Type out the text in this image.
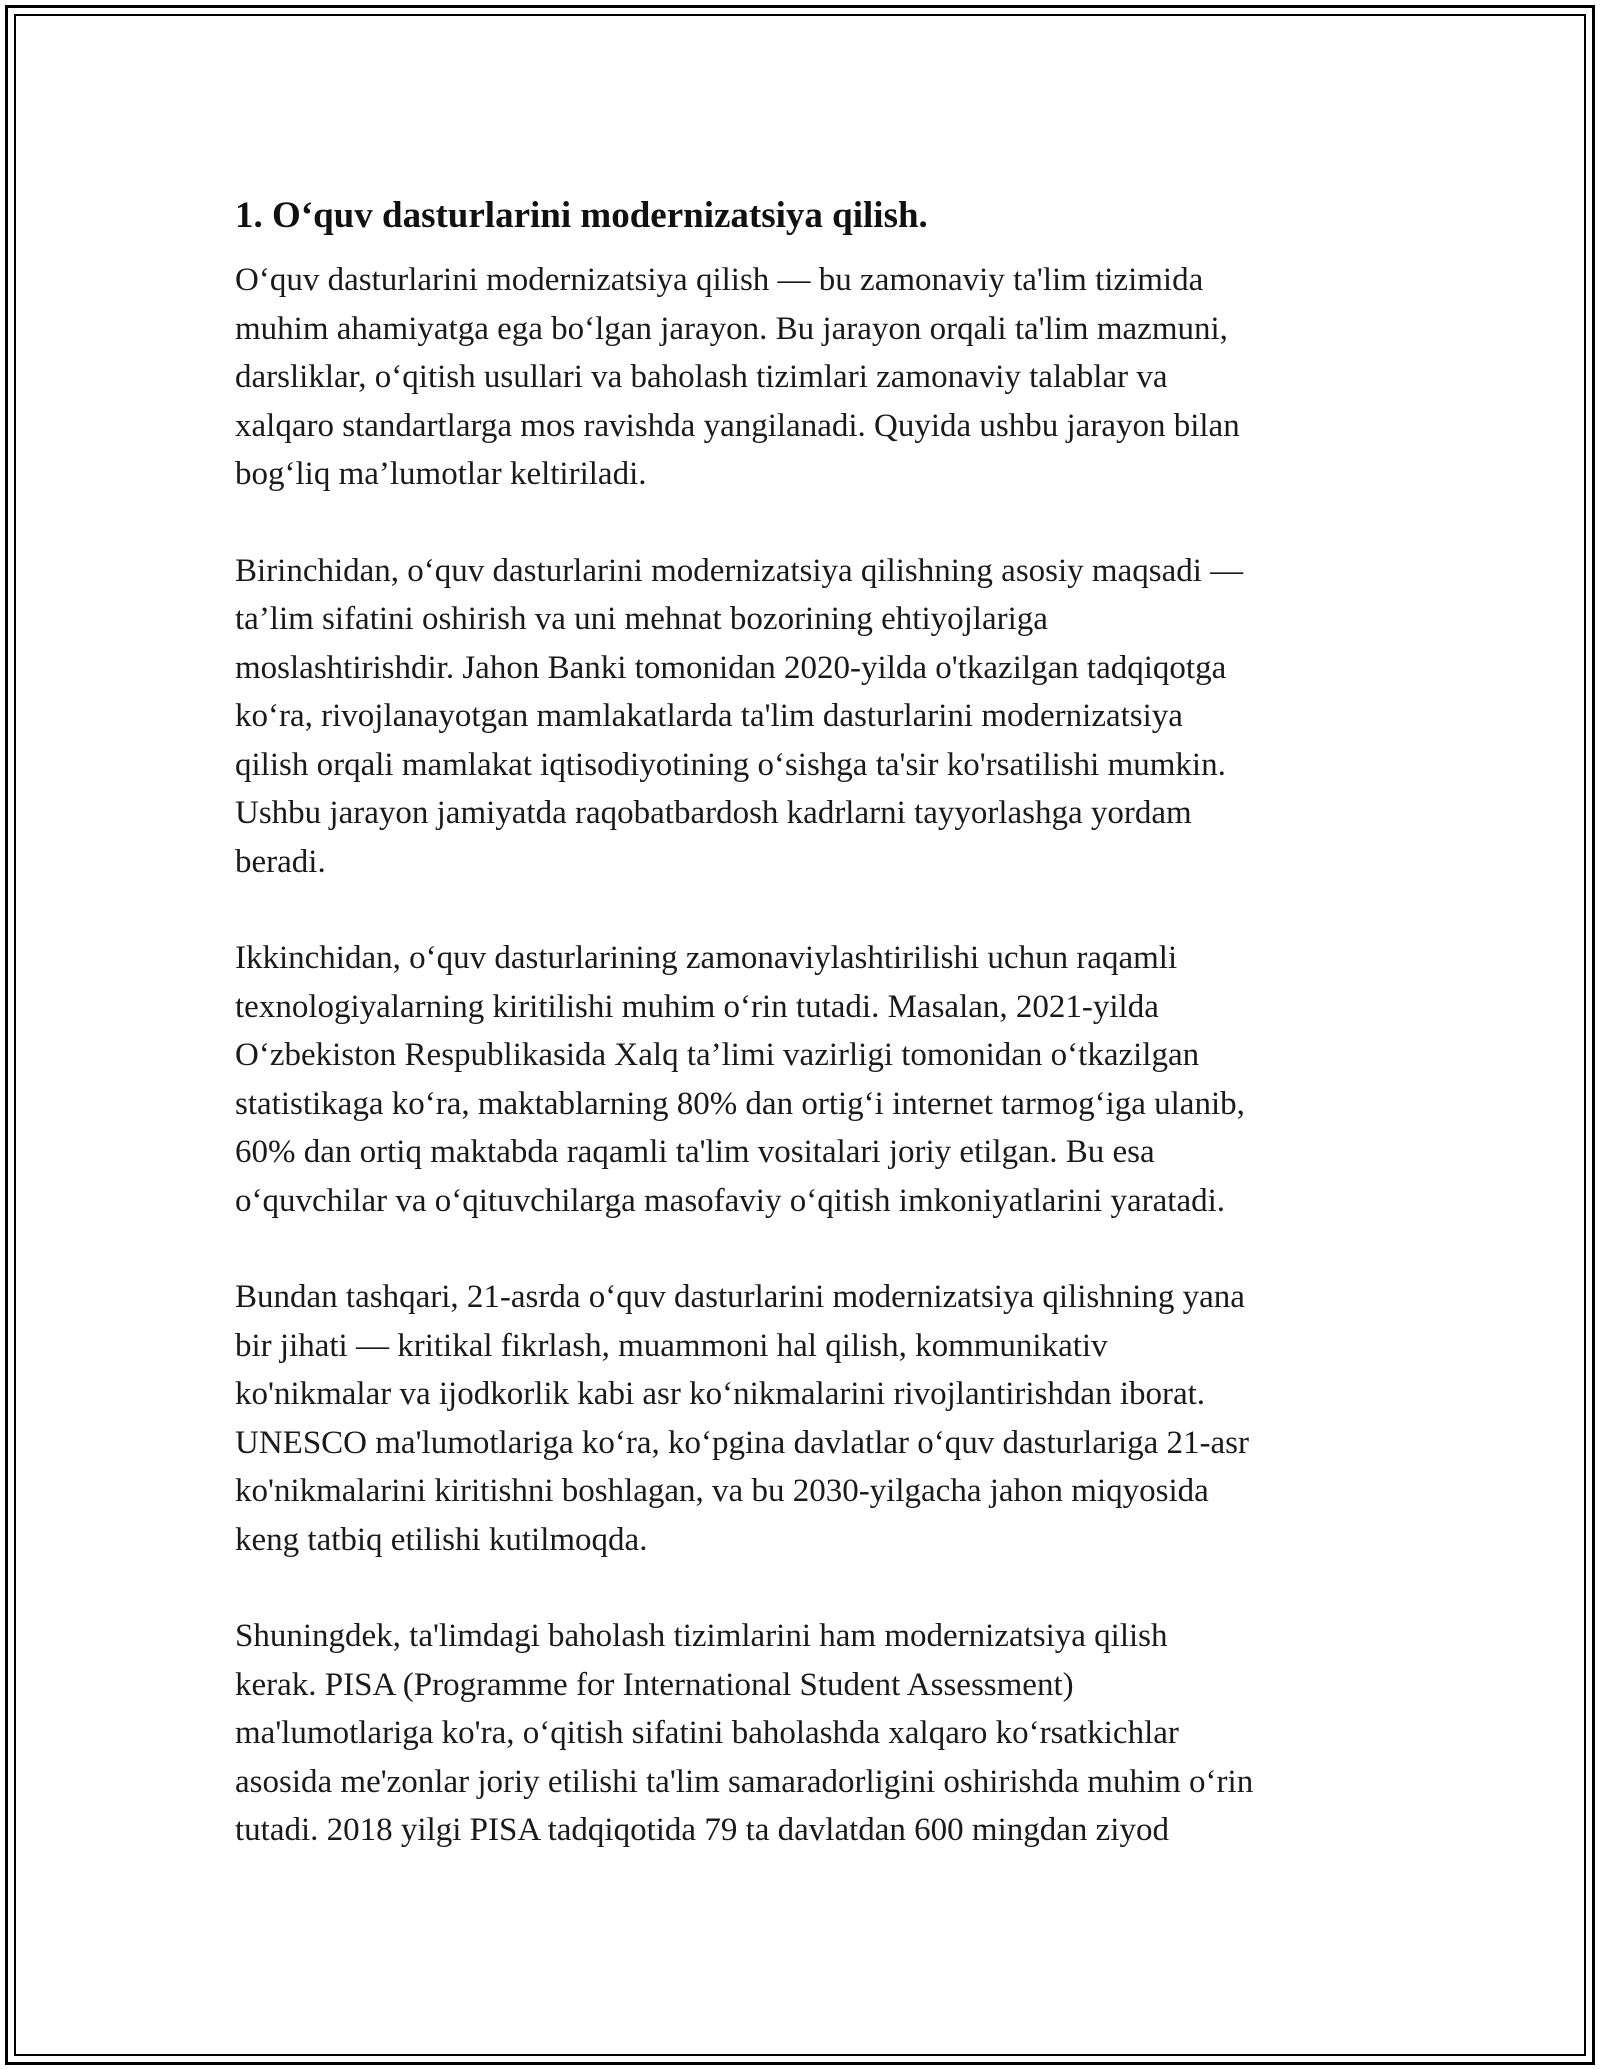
1. O‘quv dasturlarini modernizatsiya qilish.
O‘quv dasturlarini modernizatsiya qilish — bu zamonaviy ta'lim tizimida
muhim ahamiyatga ega bo‘lgan jarayon. Bu jarayon orqali ta'lim mazmuni,
darsliklar, o‘qitish usullari va baholash tizimlari zamonaviy talablar va
xalqaro standartlarga mos ravishda yangilanadi. Quyida ushbu jarayon bilan
bog‘liq ma’lumotlar keltiriladi.
Birinchidan, o‘quv dasturlarini modernizatsiya qilishning asosiy maqsadi —
ta’lim sifatini oshirish va uni mehnat bozorining ehtiyojlariga
moslashtirishdir. Jahon Banki tomonidan 2020-yilda o'tkazilgan tadqiqotga
ko‘ra, rivojlanayotgan mamlakatlarda ta'lim dasturlarini modernizatsiya
qilish orqali mamlakat iqtisodiyotining o‘sishga ta'sir ko'rsatilishi mumkin.
Ushbu jarayon jamiyatda raqobatbardosh kadrlarni tayyorlashga yordam
beradi.
Ikkinchidan, o‘quv dasturlarining zamonaviylashtirilishi uchun raqamli
texnologiyalarning kiritilishi muhim o‘rin tutadi. Masalan, 2021-yilda
O‘zbekiston Respublikasida Xalq ta’limi vazirligi tomonidan o‘tkazilgan
statistikaga ko‘ra, maktablarning 80% dan ortig‘i internet tarmog‘iga ulanib,
60% dan ortiq maktabda raqamli ta'lim vositalari joriy etilgan. Bu esa
o‘quvchilar va o‘qituvchilarga masofaviy o‘qitish imkoniyatlarini yaratadi.
Bundan tashqari, 21-asrda o‘quv dasturlarini modernizatsiya qilishning yana
bir jihati — kritikal fikrlash, muammoni hal qilish, kommunikativ
ko'nikmalar va ijodkorlik kabi asr ko‘nikmalarini rivojlantirishdan iborat.
UNESCO ma'lumotlariga ko‘ra, ko‘pgina davlatlar o‘quv dasturlariga 21-asr
ko'nikmalarini kiritishni boshlagan, va bu 2030-yilgacha jahon miqyosida
keng tatbiq etilishi kutilmoqda.
Shuningdek, ta'limdagi baholash tizimlarini ham modernizatsiya qilish
kerak. PISA (Programme for International Student Assessment)
ma'lumotlariga ko'ra, o‘qitish sifatini baholashda xalqaro ko‘rsatkichlar
asosida me'zonlar joriy etilishi ta'lim samaradorligini oshirishda muhim o‘rin
tutadi. 2018 yilgi PISA tadqiqotida 79 ta davlatdan 600 mingdan ziyod
